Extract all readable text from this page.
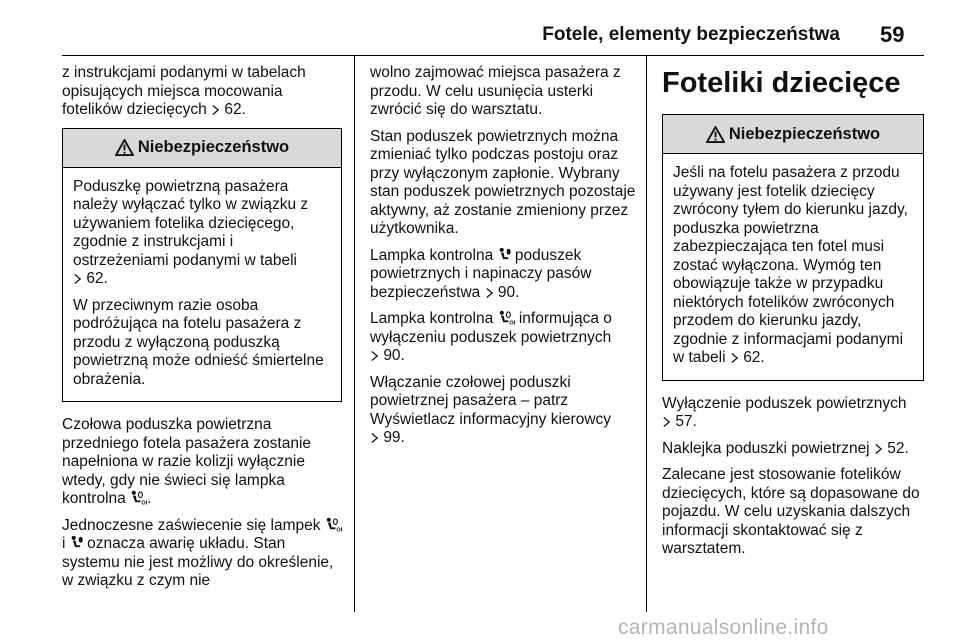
Fotele, elementy bezpieczeństwa 59

z instrukcjami podanymi w tabelach opisujących miejsca mocowania fotelików dziecięcych 62.

Niebezpieczeństwo

Poduszkę powietrzną pasażera należy wyłączać tylko w związku z używaniem fotelika dziecięcego, zgodnie z instrukcjami i ostrzeżeniami podanymi w tabeli
62.

W przeciwnym razie osoba podróżująca na fotelu pasażera z przodu z wyłączoną poduszką powietrzną może odnieść śmiertelne obrażenia.

Czołowa poduszka powietrzna przedniego fotela pasażera zostanie napełniona w razie kolizji wyłącznie wtedy, gdy nie świeci się lampka kontrolna .

Jednoczesne zaświecenie się lampek  i oznacza awarię układu. Stan systemu nie jest możliwy do określenie, w związku z czym nie

wolno zajmować miejsca pasażera z przodu. W celu usunięcia usterki zwrócić się do warsztatu.

Stan poduszek powietrznych można zmieniać tylko podczas postoju oraz przy wyłączonym zapłonie. Wybrany stan poduszek powietrznych pozostaje aktywny, aż zostanie zmieniony przez użytkownika.

Lampka kontrolna poduszek powietrznych i napinaczy pasów bezpieczeństwa 90.

Lampka kontrolna informująca o wyłączeniu poduszek powietrznych
90.

Włączanie czołowej poduszki powietrznej pasażera – patrz Wyświetlacz informacyjny kierowcy
99.

Foteliki dziecięce
Niebezpieczeństwo

Jeśli na fotelu pasażera z przodu używany jest fotelik dziecięcy zwrócony tyłem do kierunku jazdy, poduszka powietrzna zabezpieczająca ten fotel musi zostać wyłączona. Wymóg ten obowiązuje także w przypadku niektórych fotelików zwróconych przodem do kierunku jazdy, zgodnie z informacjami podanymi w tabeli 62.

Wyłączenie poduszek powietrznych
57.

Naklejka poduszki powietrznej 52.

Zalecane jest stosowanie fotelików dziecięcych, które są dopasowane do pojazdu. W celu uzyskania dalszych informacji skontaktować się z warsztatem.

carmanualsonline.info
